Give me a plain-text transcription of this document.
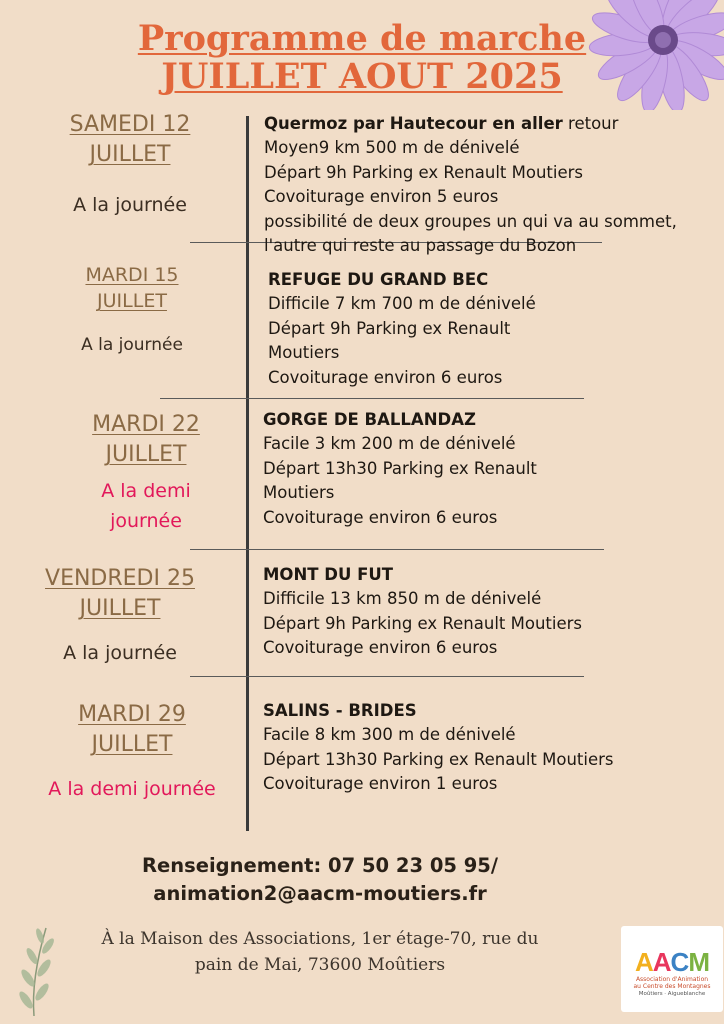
Programme de marche
JUILLET AOUT 2025
SAMEDI 12
JUILLET
A la journée
Quermoz par Hautecour en aller retour
Moyen9 km 500 m de dénivelé
Départ 9h Parking ex Renault Moutiers
Covoiturage environ 5 euros
possibilité de deux groupes un qui va au sommet,
l'autre qui reste au passage du Bozon
MARDI 15
JUILLET
A la journée
REFUGE DU GRAND BEC
Difficile 7 km 700 m de dénivelé
Départ 9h Parking ex Renault
Moutiers
Covoiturage environ 6 euros
MARDI 22
JUILLET
A la demi
journée
GORGE DE BALLANDAZ
Facile 3 km 200 m de dénivelé
Départ 13h30 Parking ex Renault
Moutiers
Covoiturage environ 6 euros
VENDREDI 25
JUILLET
A la journée
MONT DU FUT
Difficile 13 km 850 m de dénivelé
Départ 9h Parking ex Renault Moutiers
Covoiturage environ 6 euros
MARDI 29
JUILLET
A la demi journée
SALINS - BRIDES
Facile 8 km 300 m de dénivelé
Départ 13h30 Parking ex Renault Moutiers
Covoiturage environ 1 euros
Renseignement: 07 50 23 05 95/
animation2@aacm-moutiers.fr
À la Maison des Associations, 1er étage-70, rue du
pain de Mai, 73600 Moûtiers	AACM
Association d'Animation
au Centre des Montagnes
Moûtiers · Aigueblanche
